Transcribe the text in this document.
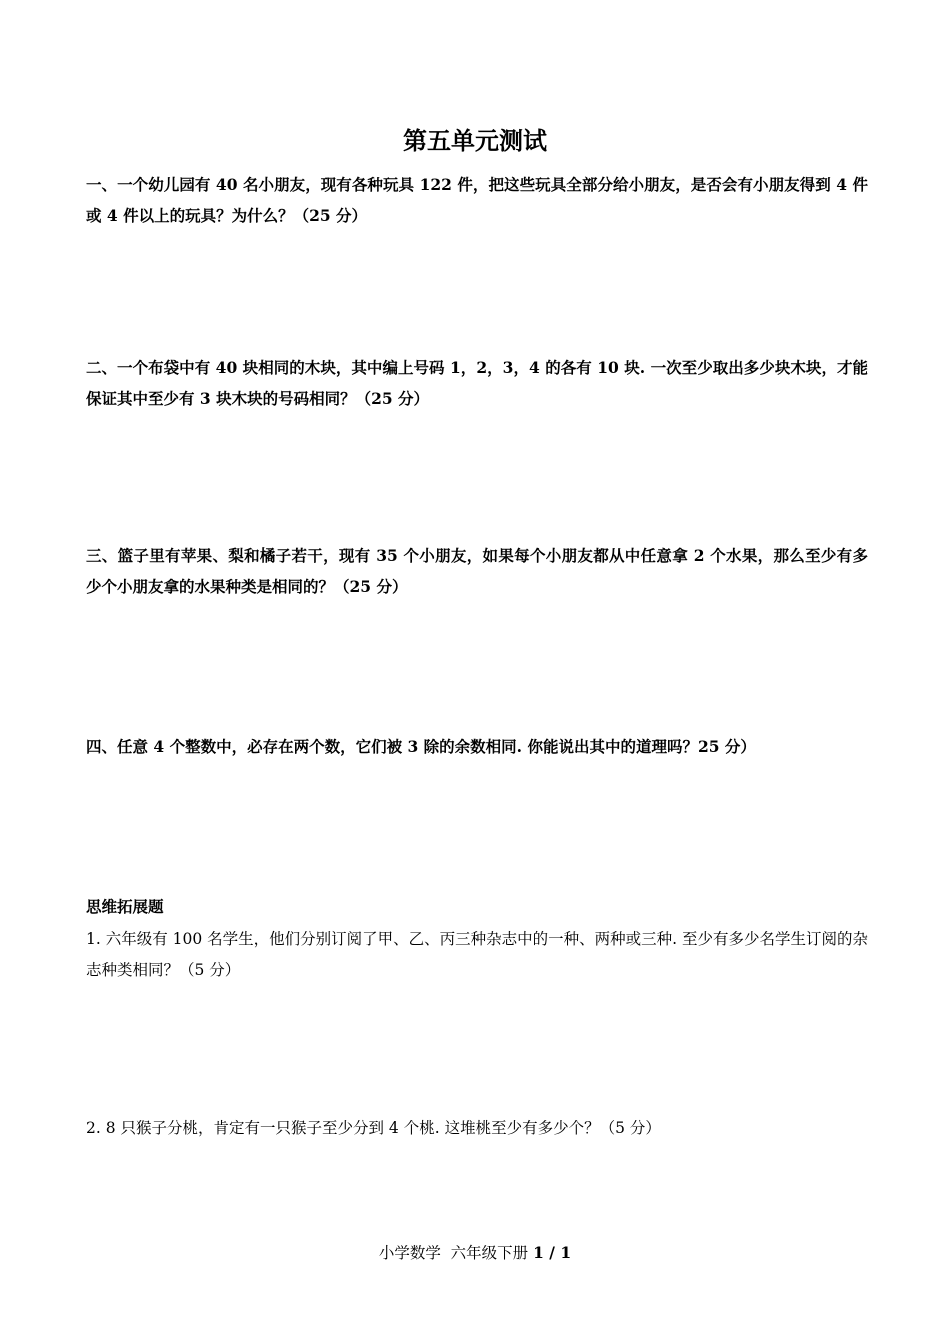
第五单元测试
一、一个幼儿园有 40 名小朋友，现有各种玩具 122 件，把这些玩具全部分给小朋友，是否会有小朋友得到 4 件或 4 件以上的玩具？为什么？（25 分）
二、一个布袋中有 40 块相同的木块，其中编上号码 1，2，3，4 的各有 10 块. 一次至少取出多少块木块，才能保证其中至少有 3 块木块的号码相同？（25 分）
三、篮子里有苹果、梨和橘子若干，现有 35 个小朋友，如果每个小朋友都从中任意拿 2 个水果，那么至少有多少个小朋友拿的水果种类是相同的？（25 分）
四、任意 4 个整数中，必存在两个数，它们被 3 除的余数相同. 你能说出其中的道理吗？25 分）
思维拓展题
1. 六年级有 100 名学生，他们分别订阅了甲、乙、丙三种杂志中的一种、两种或三种. 至少有多少名学生订阅的杂志种类相同？（5 分）
2. 8 只猴子分桃，肯定有一只猴子至少分到 4 个桃. 这堆桃至少有多少个？（5 分）
小学数学  六年级下册 1 / 1
